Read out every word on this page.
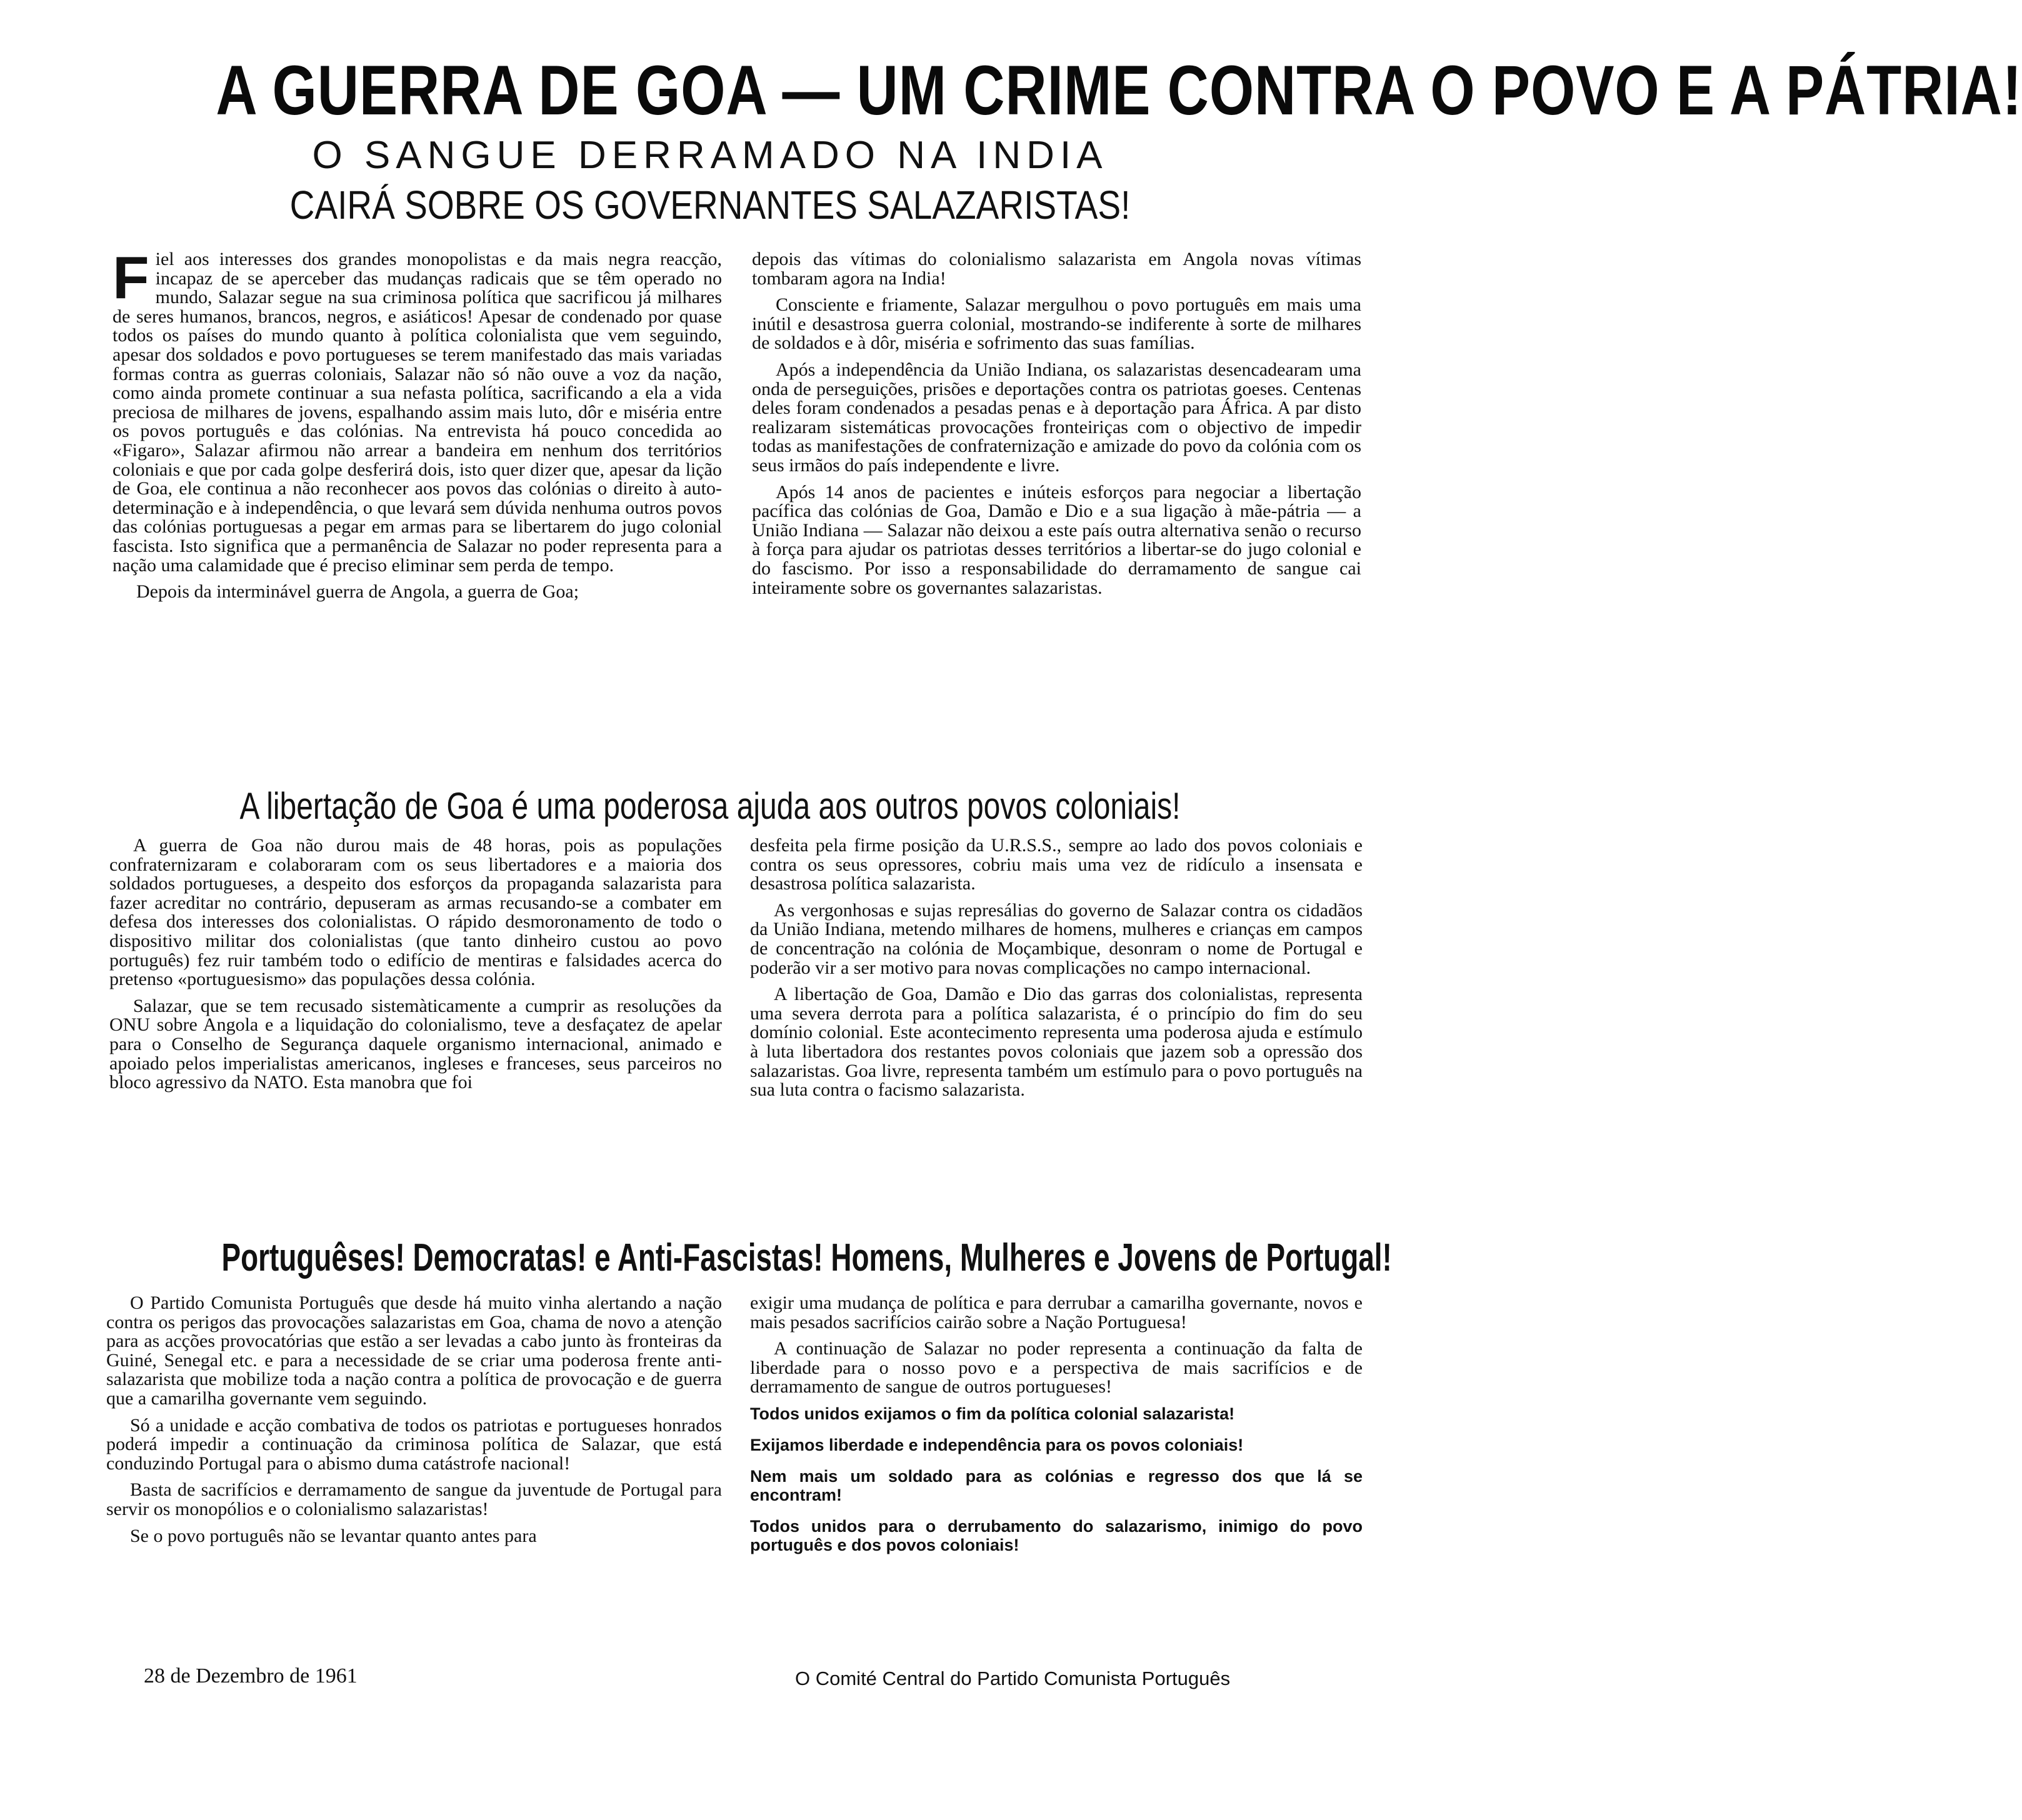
A GUERRA DE GOA — UM CRIME CONTRA O POVO E A PÁTRIA!
O SANGUE DERRAMADO NA INDIA
CAIRÁ SOBRE OS GOVERNANTES SALAZARISTAS!

Fiel aos interesses dos grandes monopolistas e da mais negra reacção, incapaz de se aperceber das mudanças radicais que se têm operado no mundo, Salazar segue na sua criminosa política que sacrificou já milhares de seres humanos, brancos, negros, e asiáticos! Apesar de condenado por quase todos os países do mundo quanto à política colonialista que vem seguindo, apesar dos soldados e povo portugueses se terem manifestado das mais variadas formas contra as guerras coloniais, Salazar não só não ouve a voz da nação, como ainda promete continuar a sua nefasta política, sacrificando a ela a vida preciosa de milhares de jovens, espalhando assim mais luto, dôr e miséria entre os povos português e das colónias. Na entrevista há pouco concedida ao «Figaro», Salazar afirmou não arrear a bandeira em nenhum dos territórios coloniais e que por cada golpe desferirá dois, isto quer dizer que, apesar da lição de Goa, ele continua a não reconhecer aos povos das colónias o direito à auto-determinação e à independência, o que levará sem dúvida nenhuma outros povos das colónias portuguesas a pegar em armas para se libertarem do jugo colonial fascista. Isto significa que a permanência de Salazar no poder representa para a nação uma calamidade que é preciso eliminar sem perda de tempo.

Depois da interminável guerra de Angola, a guerra de Goa;

depois das vítimas do colonialismo salazarista em Angola novas vítimas tombaram agora na India!

Consciente e friamente, Salazar mergulhou o povo português em mais uma inútil e desastrosa guerra colonial, mostrando-se indiferente à sorte de milhares de soldados e à dôr, miséria e sofrimento das suas famílias.

Após a independência da União Indiana, os salazaristas desencadearam uma onda de perseguições, prisões e deportações contra os patriotas goeses. Centenas deles foram condenados a pesadas penas e à deportação para África. A par disto realizaram sistemáticas provocações fronteiriças com o objectivo de impedir todas as manifestações de confraternização e amizade do povo da colónia com os seus irmãos do país independente e livre.

Após 14 anos de pacientes e inúteis esforços para negociar a libertação pacífica das colónias de Goa, Damão e Dio e a sua ligação à mãe-pátria — a União Indiana — Salazar não deixou a este país outra alternativa senão o recurso à força para ajudar os patriotas desses territórios a libertar-se do jugo colonial e do fascismo. Por isso a responsabilidade do derramamento de sangue cai inteiramente sobre os governantes salazaristas.

A libertação de Goa é uma poderosa ajuda aos outros povos coloniais!

A guerra de Goa não durou mais de 48 horas, pois as populações confraternizaram e colaboraram com os seus libertadores e a maioria dos soldados portugueses, a despeito dos esforços da propaganda salazarista para fazer acreditar no contrário, depuseram as armas recusando-se a combater em defesa dos interesses dos colonialistas. O rápido desmoronamento de todo o dispositivo militar dos colonialistas (que tanto dinheiro custou ao povo português) fez ruir também todo o edifício de mentiras e falsidades acerca do pretenso «portuguesismo» das populações dessa colónia.

Salazar, que se tem recusado sistemàticamente a cumprir as resoluções da ONU sobre Angola e a liquidação do colonialismo, teve a desfaçatez de apelar para o Conselho de Segurança daquele organismo internacional, animado e apoiado pelos imperialistas americanos, ingleses e franceses, seus parceiros no bloco agressivo da NATO. Esta manobra que foi

desfeita pela firme posição da U.R.S.S., sempre ao lado dos povos coloniais e contra os seus opressores, cobriu mais uma vez de ridículo a insensata e desastrosa política salazarista.

As vergonhosas e sujas represálias do governo de Salazar contra os cidadãos da União Indiana, metendo milhares de homens, mulheres e crianças em campos de concentração na colónia de Moçambique, desonram o nome de Portugal e poderão vir a ser motivo para novas complicações no campo internacional.

A libertação de Goa, Damão e Dio das garras dos colonialistas, representa uma severa derrota para a política salazarista, é o princípio do fim do seu domínio colonial. Este acontecimento representa uma poderosa ajuda e estímulo à luta libertadora dos restantes povos coloniais que jazem sob a opressão dos salazaristas. Goa livre, representa também um estímulo para o povo português na sua luta contra o facismo salazarista.

Portuguêses! Democratas! e Anti-Fascistas! Homens, Mulheres e Jovens de Portugal!

O Partido Comunista Português que desde há muito vinha alertando a nação contra os perigos das provocações salazaristas em Goa, chama de novo a atenção para as acções provocatórias que estão a ser levadas a cabo junto às fronteiras da Guiné, Senegal etc. e para a necessidade de se criar uma poderosa frente anti-salazarista que mobilize toda a nação contra a política de provocação e de guerra que a camarilha governante vem seguindo.

Só a unidade e acção combativa de todos os patriotas e portugueses honrados poderá impedir a continuação da criminosa política de Salazar, que está conduzindo Portugal para o abismo duma catástrofe nacional!

Basta de sacrifícios e derramamento de sangue da juventude de Portugal para servir os monopólios e o colonialismo salazaristas!

Se o povo português não se levantar quanto antes para

exigir uma mudança de política e para derrubar a camarilha governante, novos e mais pesados sacrifícios cairão sobre a Nação Portuguesa!

A continuação de Salazar no poder representa a continuação da falta de liberdade para o nosso povo e a perspectiva de mais sacrifícios e de derramamento de sangue de outros portugueses!

Todos unidos exijamos o fim da política colonial salazarista!

Exijamos liberdade e independência para os povos coloniais!

Nem mais um soldado para as colónias e regresso dos que lá se encontram!

Todos unidos para o derrubamento do salazarismo, inimigo do povo português e dos povos coloniais!

28 de Dezembro de 1961	O Comité Central do Partido Comunista Português
